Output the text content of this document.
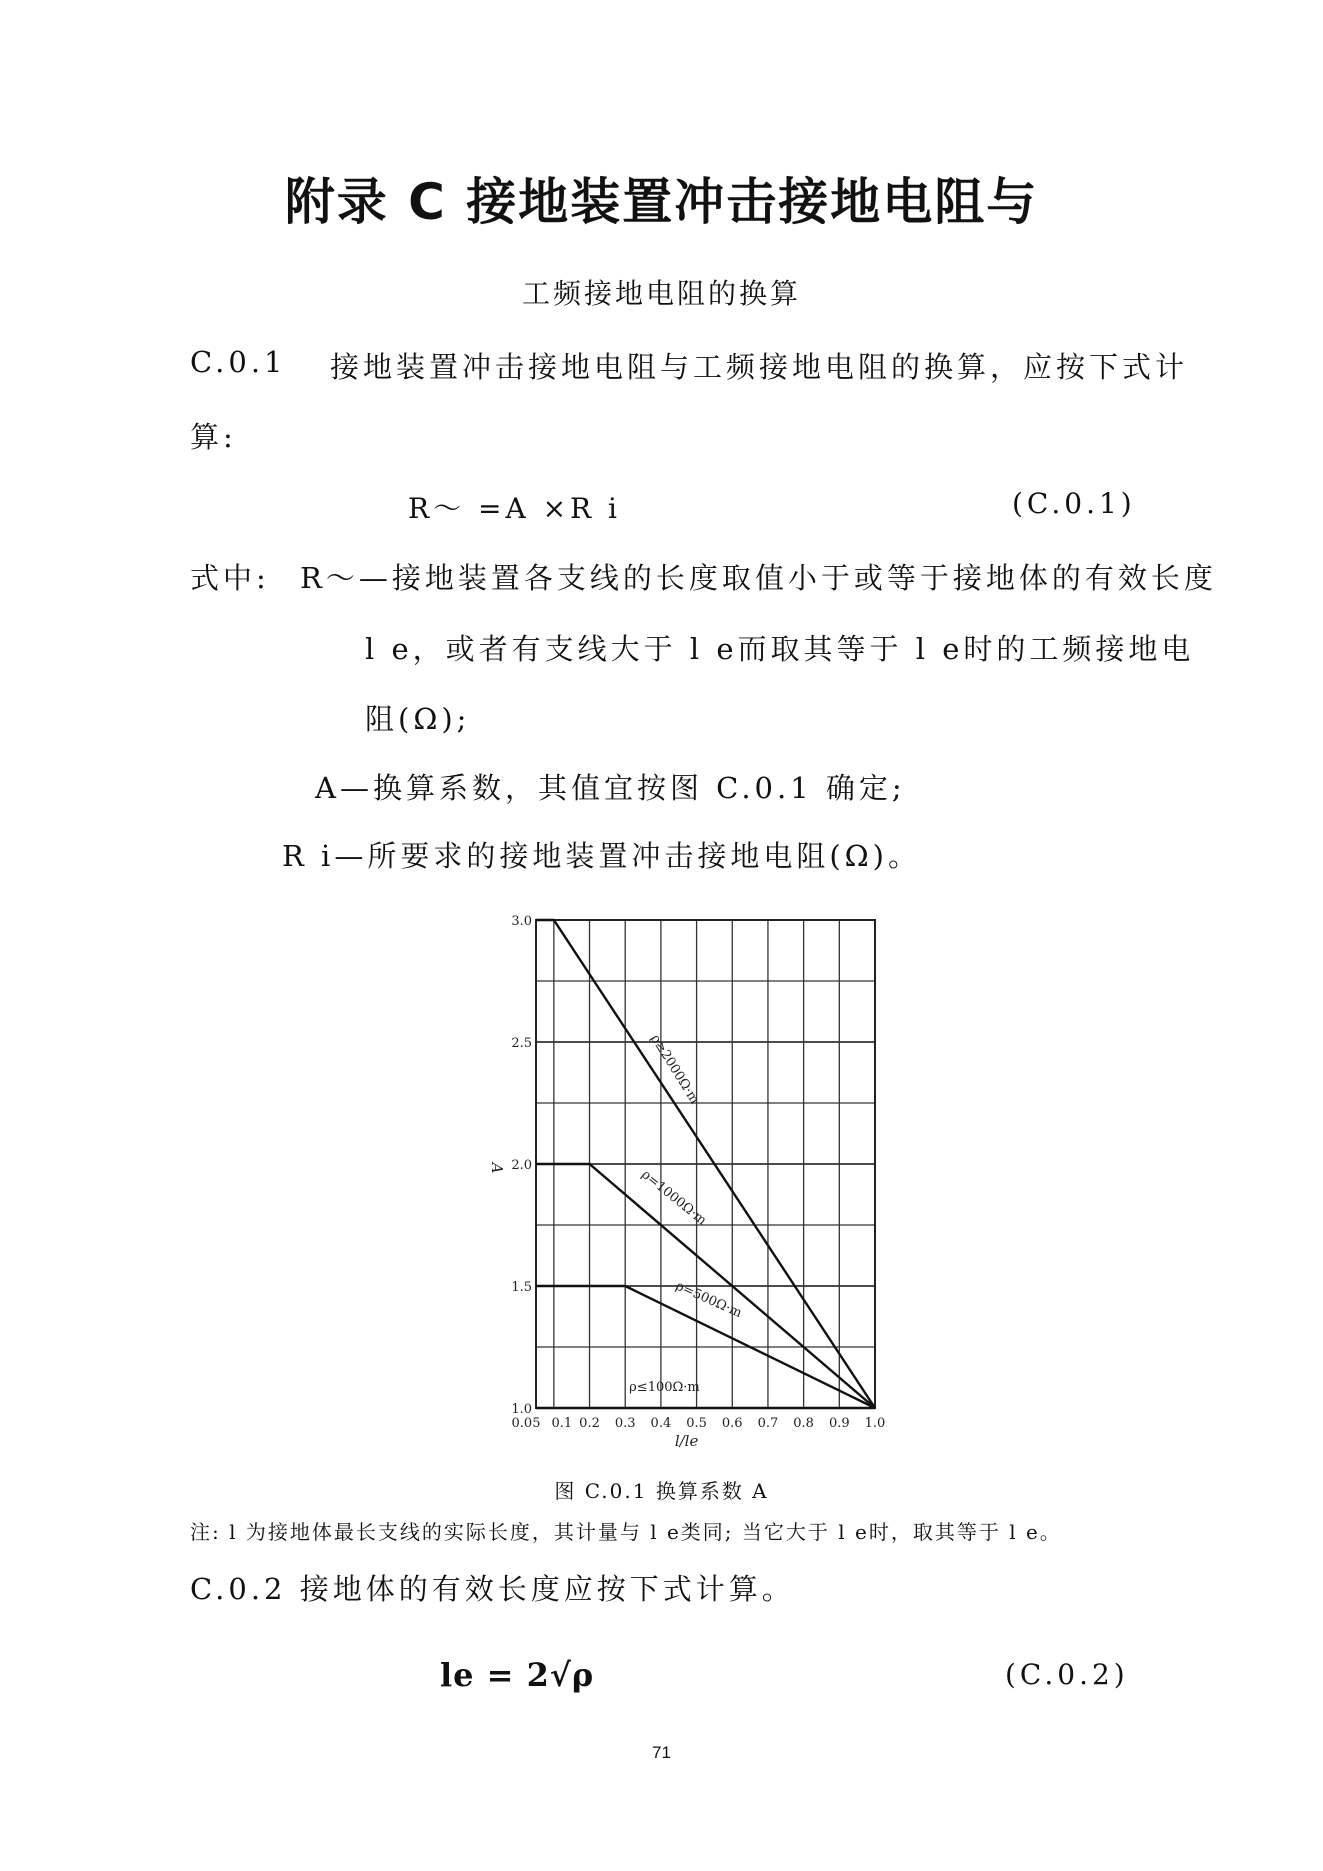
附录 C 接地装置冲击接地电阻与
工频接地电阻的换算
C.0.1 接地装置冲击接地电阻与工频接地电阻的换算，应按下式计
算:
R～ =A ×R i	(C.0.1)
式中: R～—接地装置各支线的长度取值小于或等于接地体的有效长度
l e，或者有支线大于 l e而取其等于 l e时的工频接地电
阻(Ω);
A—换算系数，其值宜按图 C.0.1 确定;
R i—所要求的接地装置冲击接地电阻(Ω)。
ρ≥2000Ω·m
ρ=1000Ω·m
ρ=500Ω·m
ρ≤100Ω·m
1.0
1.5
2.0
2.5
3.0
0.05 0.1 0.2 0.3 0.4 0.5 0.6 0.7 0.8 0.9 1.0
A
l/le
图 C.0.1 换算系数 A
注: l 为接地体最长支线的实际长度，其计量与 l e类同; 当它大于 l e时，取其等于 l e。
C.0.2 接地体的有效长度应按下式计算。
le = 2√ρ	(C.0.2)
71
